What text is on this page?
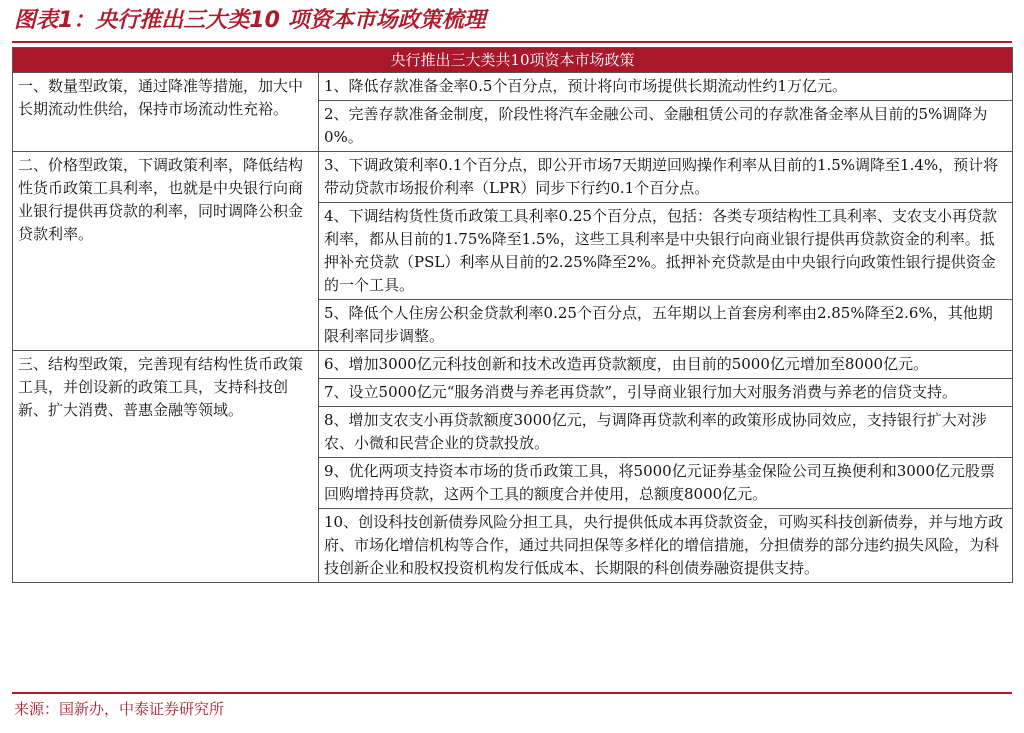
图表1：央行推出三大类10 项资本市场政策梳理
央行推出三大类共10项资本市场政策	
一、数量型政策，通过降准等措施，加大中长期流动性供给，保持市场流动性充裕。	1、降低存款准备金率0.5个百分点，预计将向市场提供长期流动性约1万亿元。
	2、完善存款准备金制度，阶段性将汽车金融公司、金融租赁公司的存款准备金率从目前的5%调降为0%。
二、价格型政策，下调政策利率，降低结构性货币政策工具利率，也就是中央银行向商业银行提供再贷款的利率，同时调降公积金贷款利率。	3、下调政策利率0.1个百分点，即公开市场7天期逆回购操作利率从目前的1.5%调降至1.4%，预计将带动贷款市场报价利率（LPR）同步下行约0.1个百分点。
	4、下调结构货性货币政策工具利率0.25个百分点，包括：各类专项结构性工具利率、支农支小再贷款利率，都从目前的1.75%降至1.5%，这些工具利率是中央银行向商业银行提供再贷款资金的利率。抵押补充贷款（PSL）利率从目前的2.25%降至2%。抵押补充贷款是由中央银行向政策性银行提供资金的一个工具。
	5、降低个人住房公积金贷款利率0.25个百分点，五年期以上首套房利率由2.85%降至2.6%，其他期限利率同步调整。
三、结构型政策，完善现有结构性货币政策工具，并创设新的政策工具，支持科技创新、扩大消费、普惠金融等领域。	6、增加3000亿元科技创新和技术改造再贷款额度，由目前的5000亿元增加至8000亿元。
	7、设立5000亿元“服务消费与养老再贷款”，引导商业银行加大对服务消费与养老的信贷支持。
	8、增加支农支小再贷款额度3000亿元，与调降再贷款利率的政策形成协同效应，支持银行扩大对涉农、小微和民营企业的贷款投放。
	9、优化两项支持资本市场的货币政策工具，将5000亿元证券基金保险公司互换便利和3000亿元股票回购增持再贷款，这两个工具的额度合并使用，总额度8000亿元。
	10、创设科技创新债券风险分担工具，央行提供低成本再贷款资金，可购买科技创新债券，并与地方政府、市场化增信机构等合作，通过共同担保等多样化的增信措施，分担债券的部分违约损失风险，为科技创新企业和股权投资机构发行低成本、长期限的科创债券融资提供支持。
来源：国新办，中泰证券研究所
